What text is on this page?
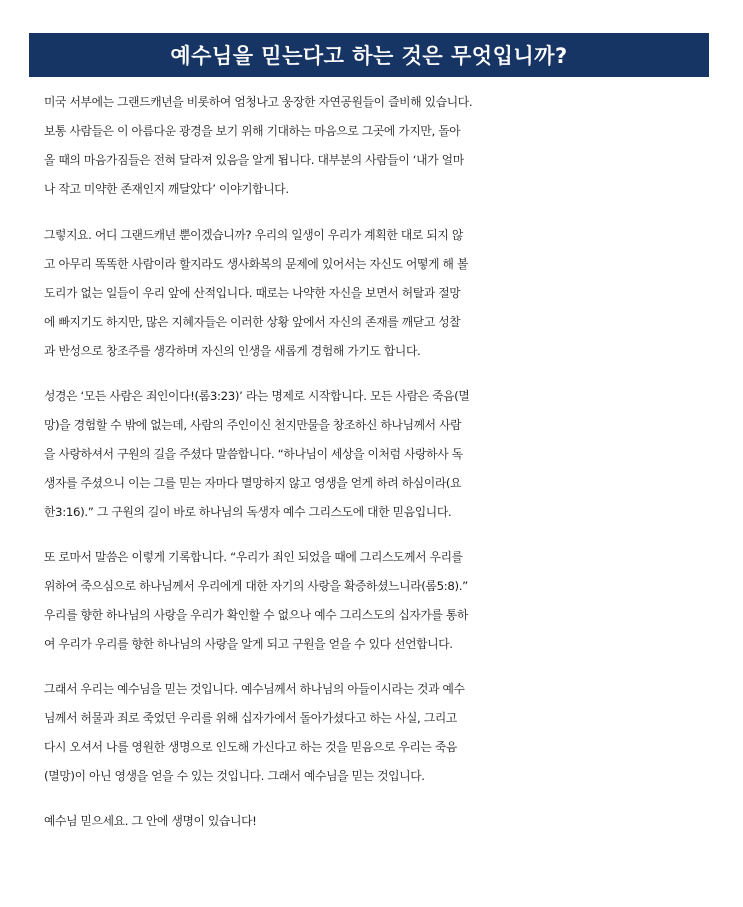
예수님을 믿는다고 하는 것은 무엇입니까?
미국 서부에는 그랜드캐년을 비롯하여 엄청나고 웅장한 자연공원들이 즐비해 있습니다.
보통 사람들은 이 아름다운 광경을 보기 위해 기대하는 마음으로 그곳에 가지만, 돌아
올 때의 마음가짐들은 전혀 달라져 있음을 알게 됩니다. 대부분의 사람들이 ‘내가 얼마
나 작고 미약한 존재인지 깨달았다’ 이야기합니다.
그렇지요. 어디 그랜드캐년 뿐이겠습니까? 우리의 일생이 우리가 계획한 대로 되지 않
고 아무리 똑똑한 사람이라 할지라도 생사화복의 문제에 있어서는 자신도 어떻게 해 볼
도리가 없는 일들이 우리 앞에 산적입니다. 때로는 나약한 자신을 보면서 허탈과 절망
에 빠지기도 하지만, 많은 지혜자들은 이러한 상황 앞에서 자신의 존재를 깨닫고 성찰
과 반성으로 창조주를 생각하며 자신의 인생을 새롭게 경험해 가기도 합니다.
성경은 ‘모든 사람은 죄인이다!(롬3:23)’ 라는 명제로 시작합니다. 모든 사람은 죽음(멸
망)을 경험할 수 밖에 없는데, 사람의 주인이신 천지만물을 창조하신 하나님께서 사람
을 사랑하셔서 구원의 길을 주셨다 말씀합니다. “하나님이 세상을 이처럼 사랑하사 독
생자를 주셨으니 이는 그를 믿는 자마다 멸망하지 않고 영생을 얻게 하려 하심이라(요
한3:16).” 그 구원의 길이 바로 하나님의 독생자 예수 그리스도에 대한 믿음입니다.
또 로마서 말씀은 이렇게 기록합니다. “우리가 죄인 되었을 때에 그리스도께서 우리를
위하여 죽으심으로 하나님께서 우리에게 대한 자기의 사랑을 확증하셨느니라(롬5:8).”
우리를 향한 하나님의 사랑을 우리가 확인할 수 없으나 예수 그리스도의 십자가를 통하
여 우리가 우리를 향한 하나님의 사랑을 알게 되고 구원을 얻을 수 있다 선언합니다.
그래서 우리는 예수님을 믿는 것입니다. 예수님께서 하나님의 아들이시라는 것과 예수
님께서 허물과 죄로 죽었던 우리를 위해 십자가에서 돌아가셨다고 하는 사실, 그리고
다시 오셔서 나를 영원한 생명으로 인도해 가신다고 하는 것을 믿음으로 우리는 죽음
(멸망)이 아닌 영생을 얻을 수 있는 것입니다. 그래서 예수님을 믿는 것입니다.
예수님 믿으세요. 그 안에 생명이 있습니다!
